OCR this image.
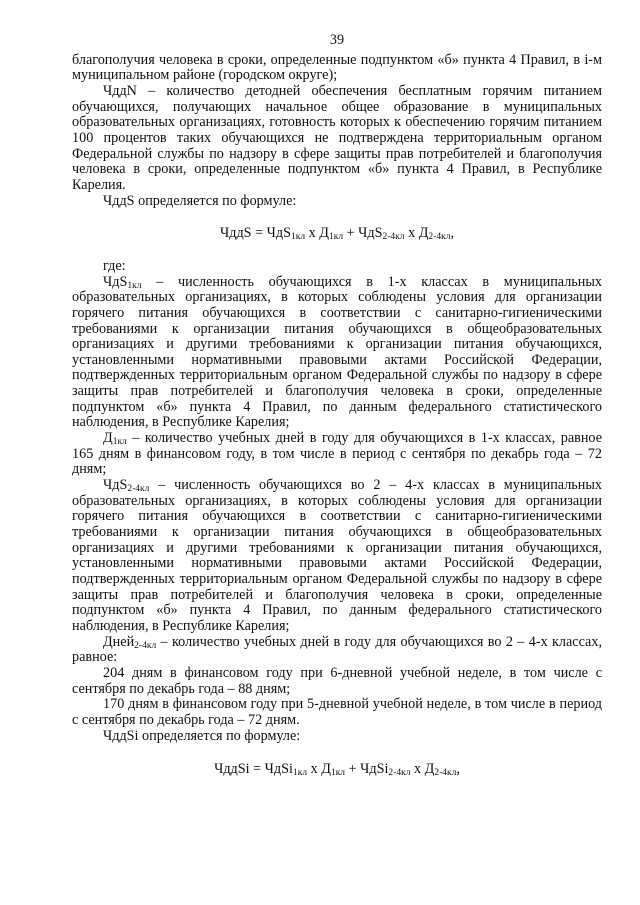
39

благополучия человека в сроки, определенные подпунктом «б» пункта 4 Правил, в i-м муниципальном районе (городском округе);

ЧддN – количество детодней обеспечения бесплатным горячим питанием обучающихся, получающих начальное общее образование в муниципальных образовательных организациях, готовность которых к обеспечению горячим питанием 100 процентов таких обучающихся не подтверждена территориальным органом Федеральной службы по надзору в сфере защиты прав потребителей и благополучия человека в сроки, определенные подпунктом «б» пункта 4 Правил, в Республике Карелия.

ЧддS определяется по формуле:

ЧддS = ЧдS$_{1кл}$ х $Д_{1кл} + ЧдS_{2-4кл}$ х $Д_{2-4кл}$,

где:

ЧдS$_{1кл}$ – численность обучающихся в 1-х классах в муниципальных образовательных организациях, в которых соблюдены условия для организации горячего питания обучающихся в соответствии с санитарно-гигиеническими требованиями к организации питания обучающихся в общеобразовательных организациях и другими требованиями к организации питания обучающихся, установленными нормативными правовыми актами Российской Федерации, подтвержденных территориальным органом Федеральной службы по надзору в сфере защиты прав потребителей и благополучия человека в сроки, определенные подпунктом «б» пункта 4 Правил, по данным федерального статистического наблюдения, в Республике Карелия;

$Д_{1кл}$ – количество учебных дней в году для обучающихся в 1-х классах, равное 165 дням в финансовом году, в том числе в период с сентября по декабрь года – 72 дням;

ЧдS$_{2-4кл}$ – численность обучающихся во 2 – 4-х классах в муниципальных образовательных организациях, в которых соблюдены условия для организации горячего питания обучающихся в соответствии с санитарно-гигиеническими требованиями к организации питания обучающихся в общеобразовательных организациях и другими требованиями к организации питания обучающихся, установленными нормативными правовыми актами Российской Федерации, подтвержденных территориальным органом Федеральной службы по надзору в сфере защиты прав потребителей и благополучия человека в сроки, определенные подпунктом «б» пункта 4 Правил, по данным федерального статистического наблюдения, в Республике Карелия;

Дней$_{2-4кл}$ – количество учебных дней в году для обучающихся во 2 – 4-х классах, равное:

204 дням в финансовом году при 6-дневной учебной неделе, в том числе с сентября по декабрь года – 88 дням;

170 дням в финансовом году при 5-дневной учебной неделе, в том числе в период с сентября по декабрь года – 72 дням.

ЧддSi определяется по формуле:

ЧддSi = ЧдSi$_{1кл}$ х $Д_{1кл}$ + ЧдSi$_{2-4кл}$ х $Д_{2-4кл}$,
